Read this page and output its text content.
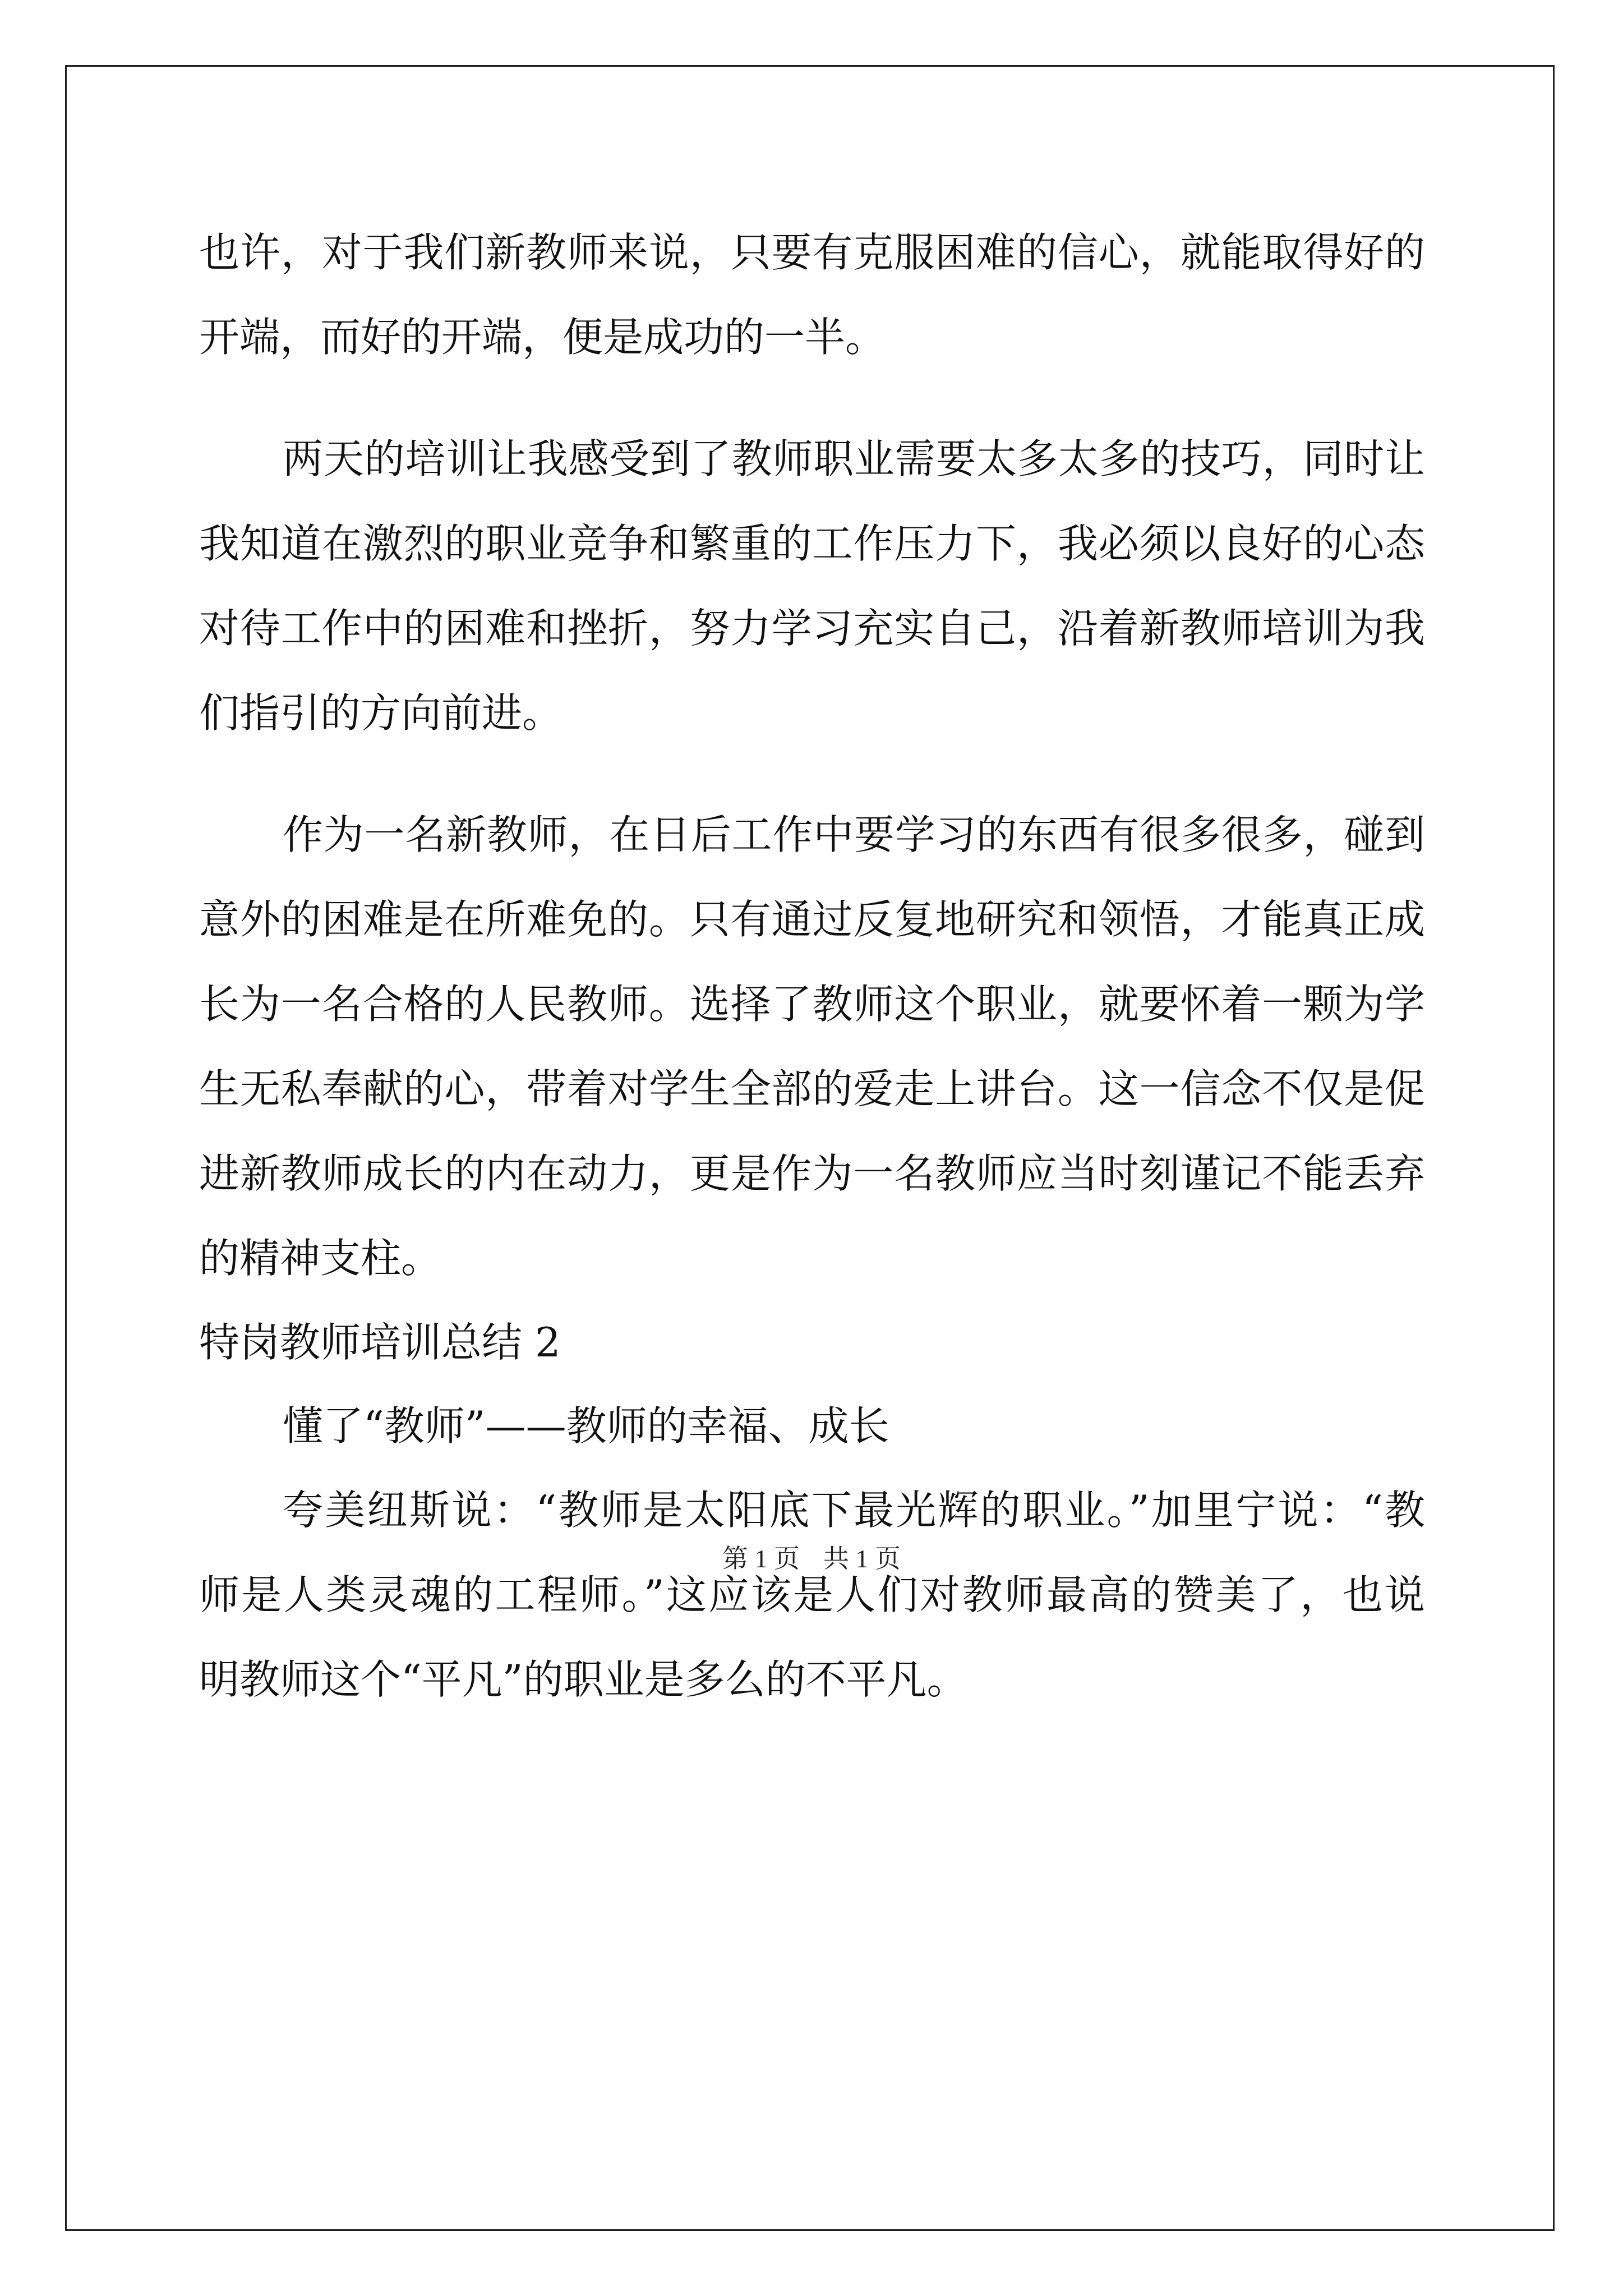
也许，对于我们新教师来说，只要有克服困难的信心，就能取得好的
开端，而好的开端，便是成功的一半。
两天的培训让我感受到了教师职业需要太多太多的技巧，同时让
我知道在激烈的职业竞争和繁重的工作压力下，我必须以良好的心态
对待工作中的困难和挫折，努力学习充实自己，沿着新教师培训为我
们指引的方向前进。
作为一名新教师，在日后工作中要学习的东西有很多很多，碰到
意外的困难是在所难免的。只有通过反复地研究和领悟，才能真正成
长为一名合格的人民教师。选择了教师这个职业，就要怀着一颗为学
生无私奉献的心，带着对学生全部的爱走上讲台。这一信念不仅是促
进新教师成长的内在动力，更是作为一名教师应当时刻谨记不能丢弃
的精神支柱。
特岗教师培训总结 2
懂了“教师”——教师的幸福、成长
夸美纽斯说：“教师是太阳底下最光辉的职业。”加里宁说：“教
师是人类灵魂的工程师。”这应该是人们对教师最高的赞美了，也说
明教师这个“平凡”的职业是多么的不平凡。
第 1 页 共 1 页
